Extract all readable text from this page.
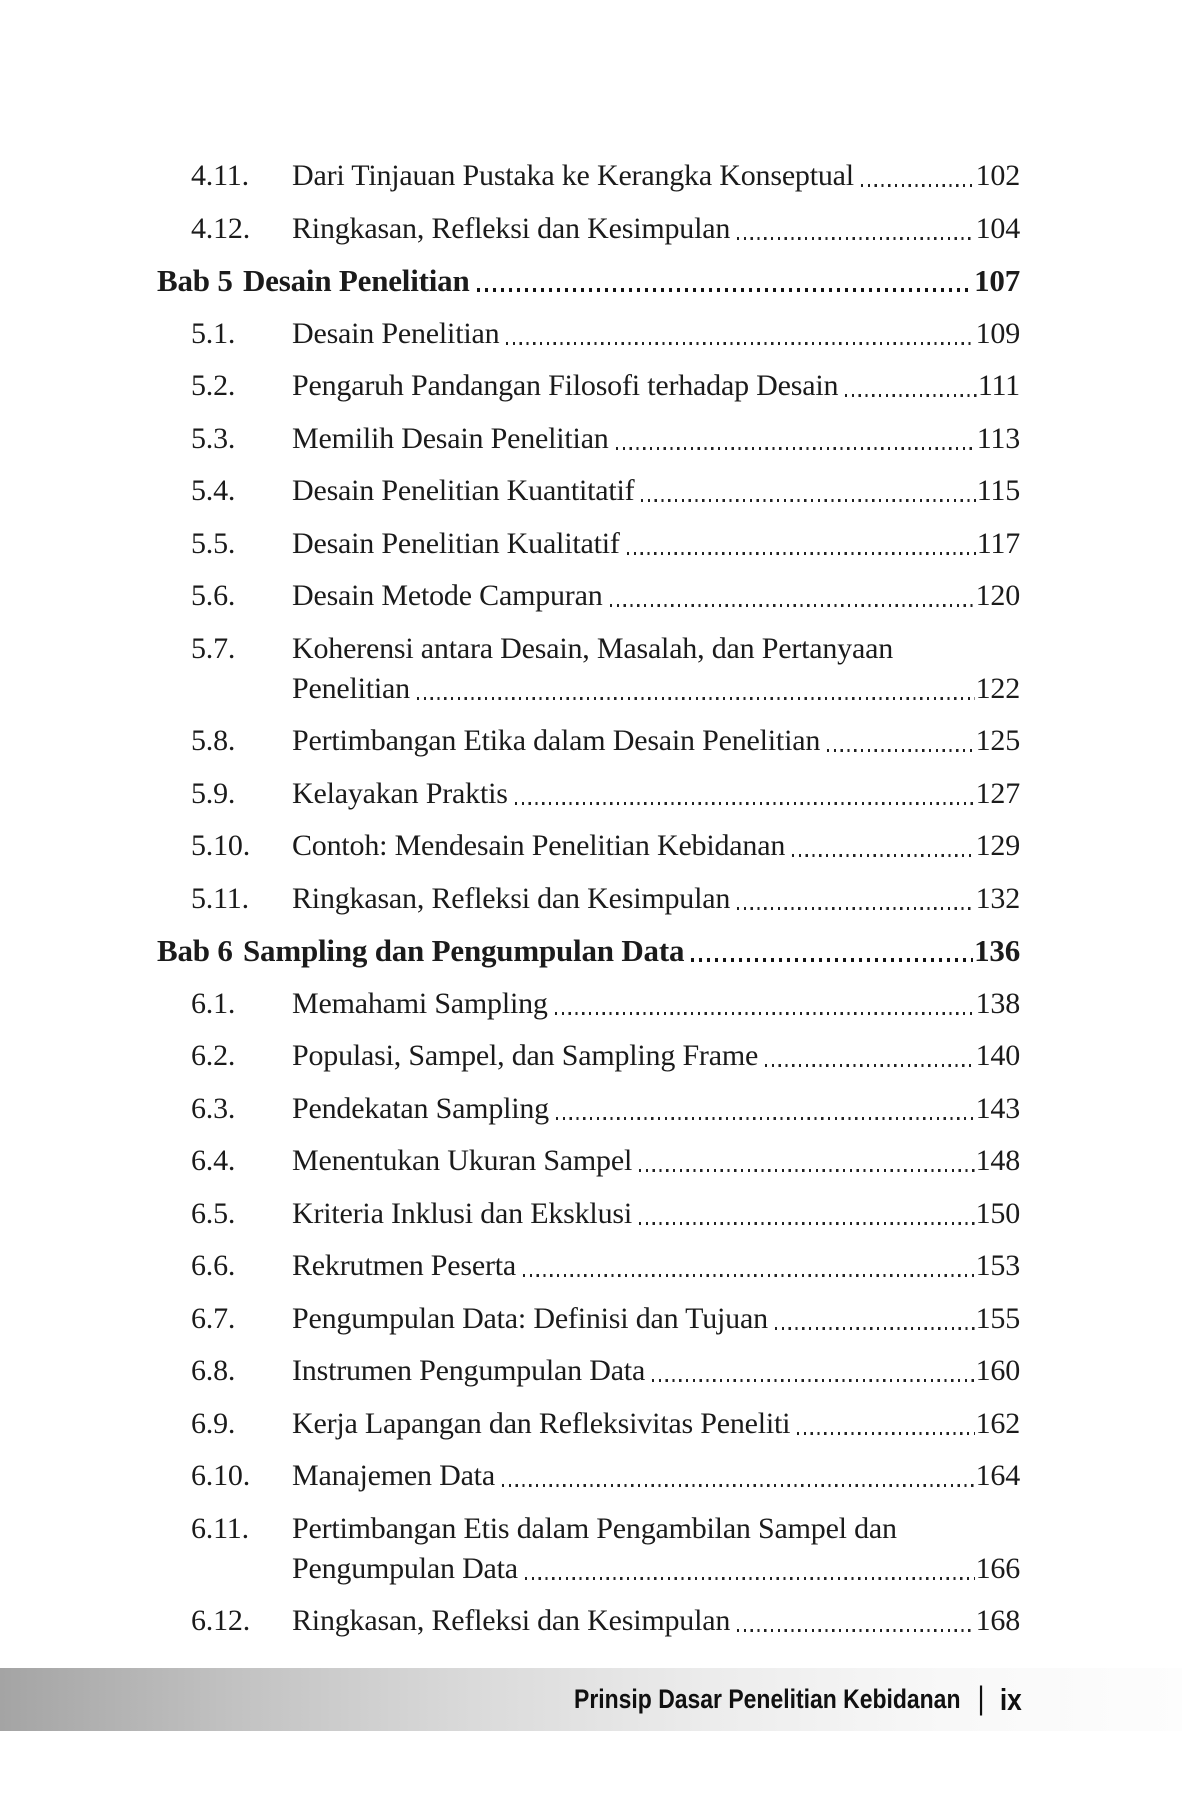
4.11.	Dari Tinjauan Pustaka ke Kerangka Konseptual	102
4.12.	Ringkasan, Refleksi dan Kesimpulan	104
Bab 5 Desain Penelitian	107
5.1.	Desain Penelitian	109
5.2.	Pengaruh Pandangan Filosofi terhadap Desain	111
5.3.	Memilih Desain Penelitian	113
5.4.	Desain Penelitian Kuantitatif	115
5.5.	Desain Penelitian Kualitatif	117
5.6.	Desain Metode Campuran	120
5.7.	Koherensi antara Desain, Masalah, dan Pertanyaan
Penelitian	122
5.8.	Pertimbangan Etika dalam Desain Penelitian	125
5.9.	Kelayakan Praktis	127
5.10.	Contoh: Mendesain Penelitian Kebidanan	129
5.11.	Ringkasan, Refleksi dan Kesimpulan	132
Bab 6 Sampling dan Pengumpulan Data	136
6.1.	Memahami Sampling	138
6.2.	Populasi, Sampel, dan Sampling Frame	140
6.3.	Pendekatan Sampling	143
6.4.	Menentukan Ukuran Sampel	148
6.5.	Kriteria Inklusi dan Eksklusi	150
6.6.	Rekrutmen Peserta	153
6.7.	Pengumpulan Data: Definisi dan Tujuan	155
6.8.	Instrumen Pengumpulan Data	160
6.9.	Kerja Lapangan dan Refleksivitas Peneliti	162
6.10.	Manajemen Data	164
6.11.	Pertimbangan Etis dalam Pengambilan Sampel dan
Pengumpulan Data	166
6.12.	Ringkasan, Refleksi dan Kesimpulan	168
Prinsip Dasar Penelitian Kebidanan | ix
